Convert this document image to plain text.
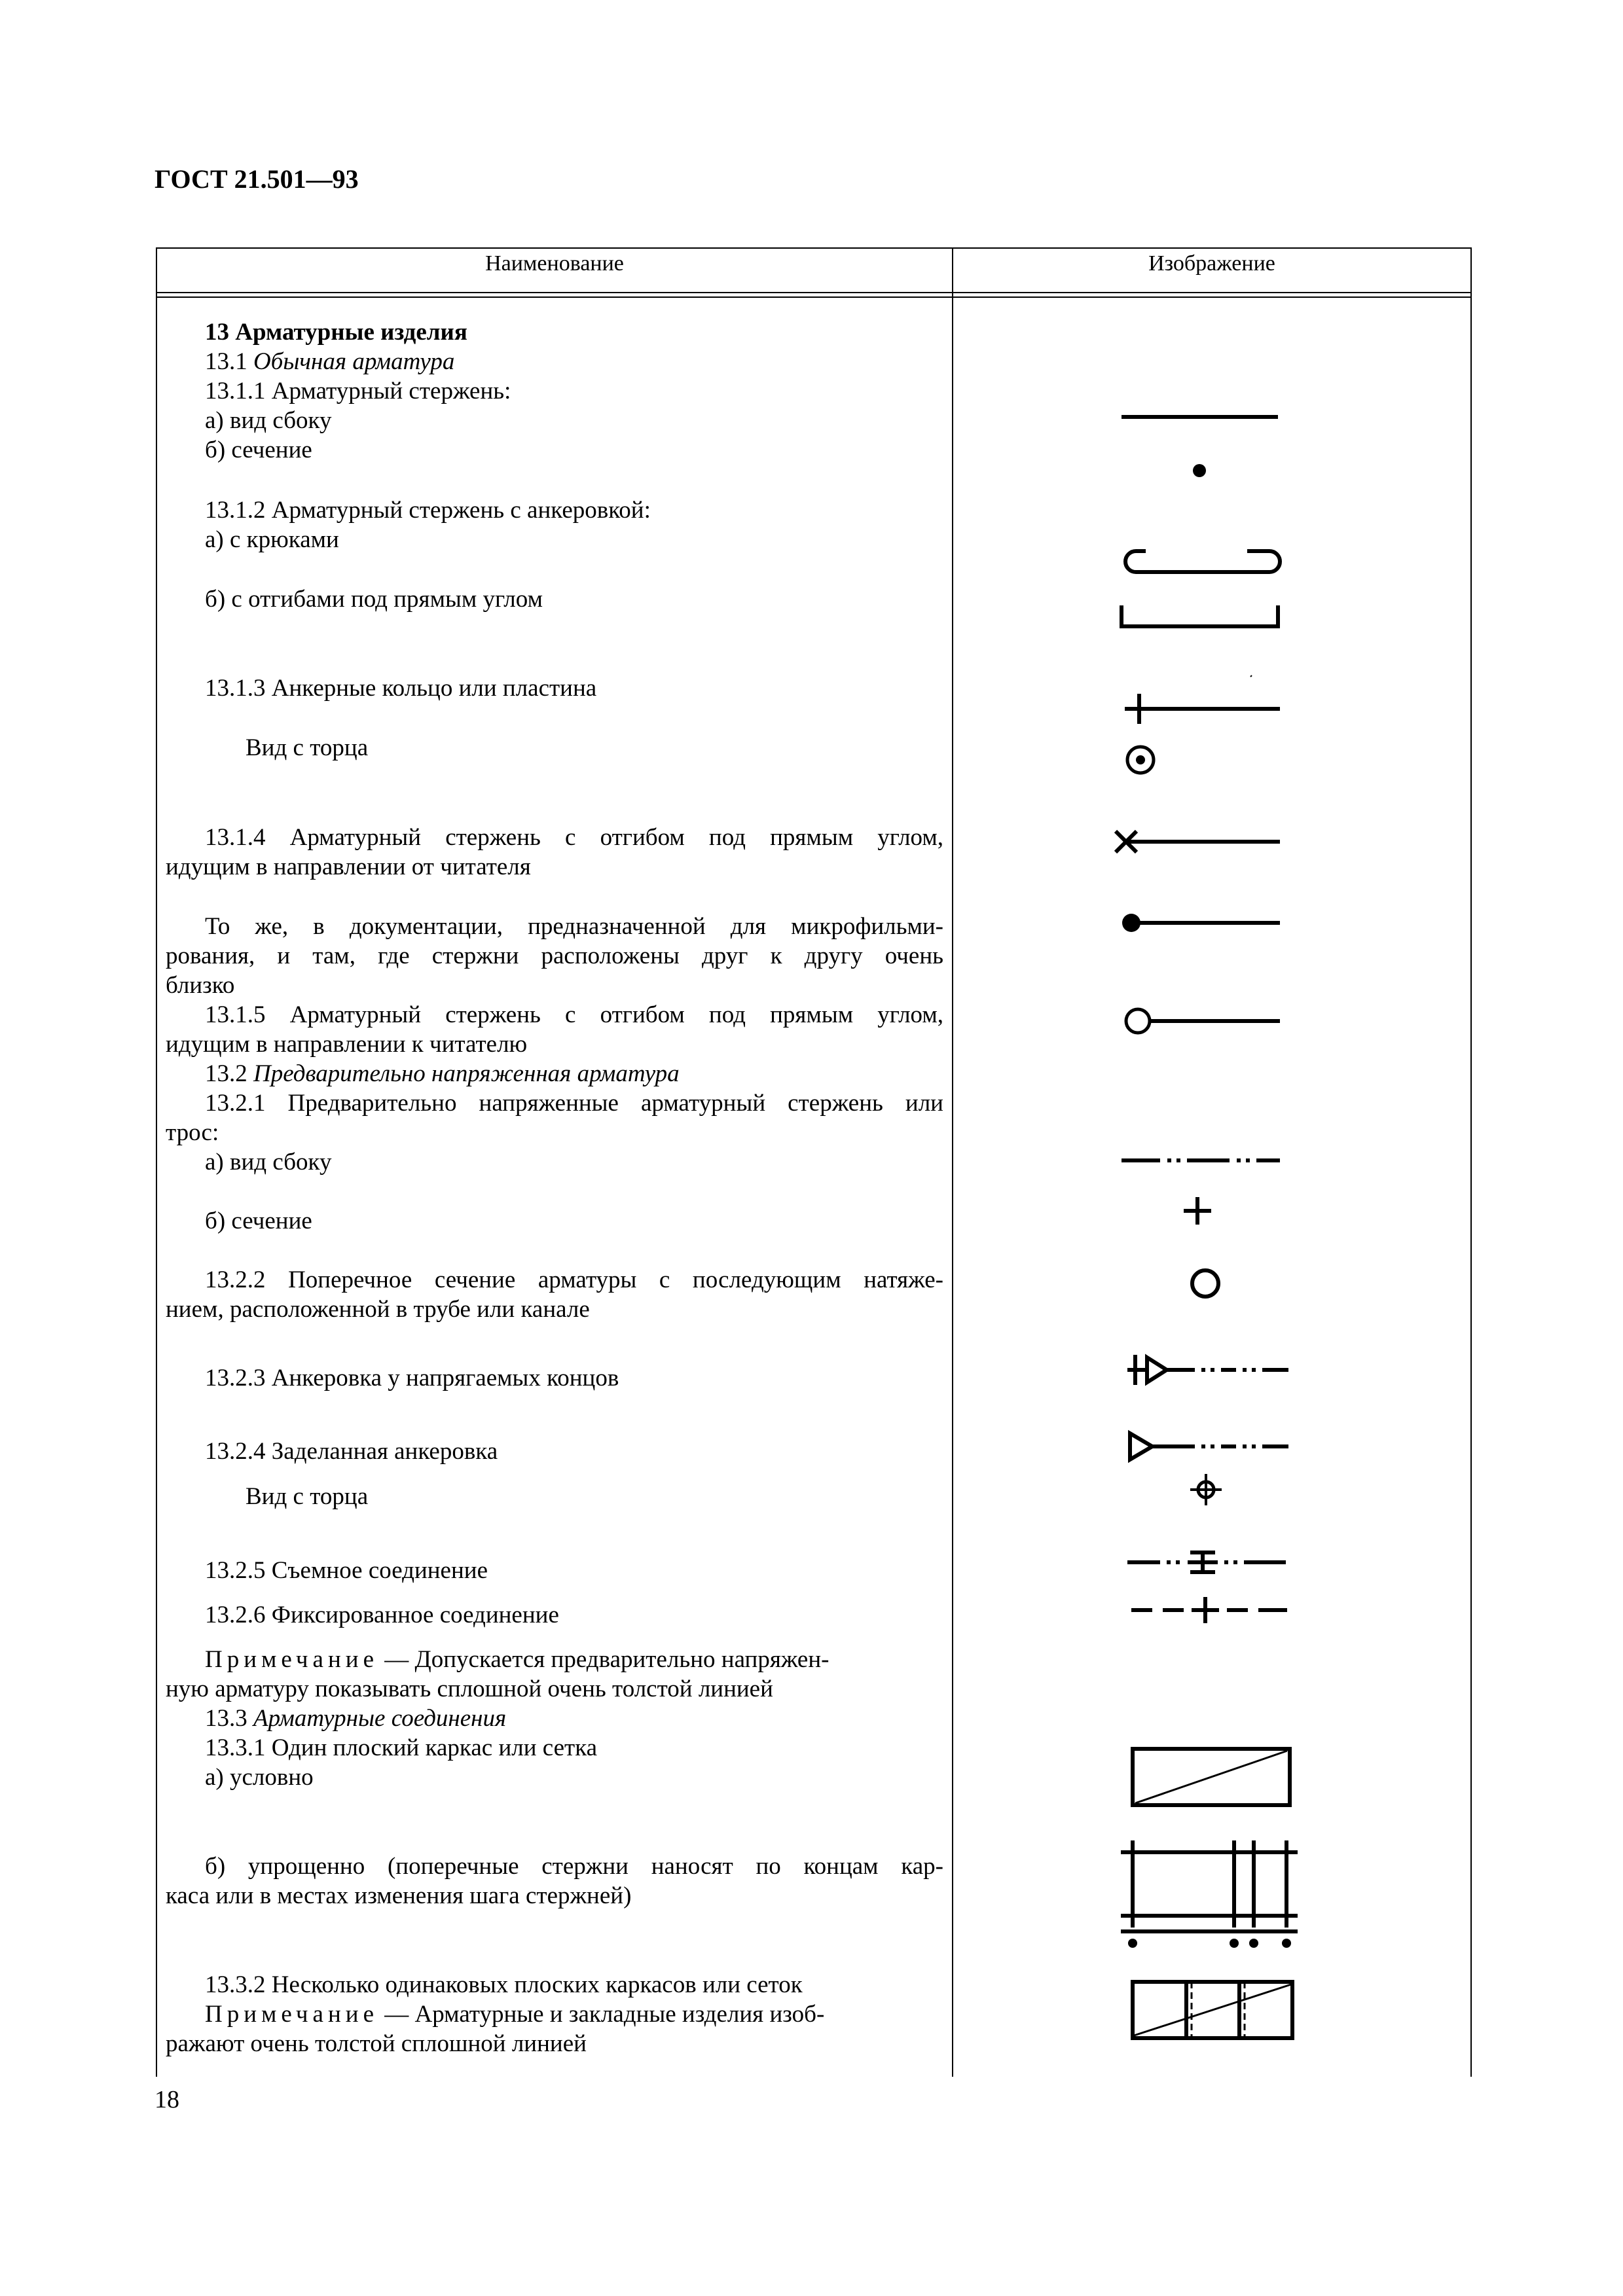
ГОСТ 21.501—93
Наименование	Изображение
13 Арматурные изделия
13.1 Обычная арматура
13.1.1 Арматурный стержень:
а) вид сбоку
б) сечение
13.1.2 Арматурный стержень с анкеровкой:
а) с крюками
б) с отгибами под прямым углом
13.1.3 Анкерные кольцо или пластина
Вид с торца
13.1.4 Арматурный стержень с отгибом под прямым углом,
идущим в направлении от читателя
То же, в документации, предназначенной для микрофильми-
рования, и там, где стержни расположены друг к другу очень
близко
13.1.5 Арматурный стержень с отгибом под прямым углом,
идущим в направлении к читателю
13.2 Предварительно напряженная арматура
13.2.1 Предварительно напряженные арматурный стержень или
трос:
а) вид сбоку
б) сечение
13.2.2 Поперечное сечение арматуры с последующим натяже-
нием, расположенной в трубе или канале
13.2.3 Анкеровка у напрягаемых концов
13.2.4 Заделанная анкеровка
Вид с торца
13.2.5 Съемное соединение
13.2.6 Фиксированное соединение
Примечание — Допускается предварительно напряжен-
ную арматуру показывать сплошной очень толстой линией
13.3 Арматурные соединения
13.3.1 Один плоский каркас или сетка
а) условно
б) упрощенно (поперечные стержни наносят по концам кар-
каса или в местах изменения шага стержней)
13.3.2 Несколько одинаковых плоских каркасов или сеток
Примечание — Арматурные и закладные изделия изоб-
ражают очень толстой сплошной линией
18
